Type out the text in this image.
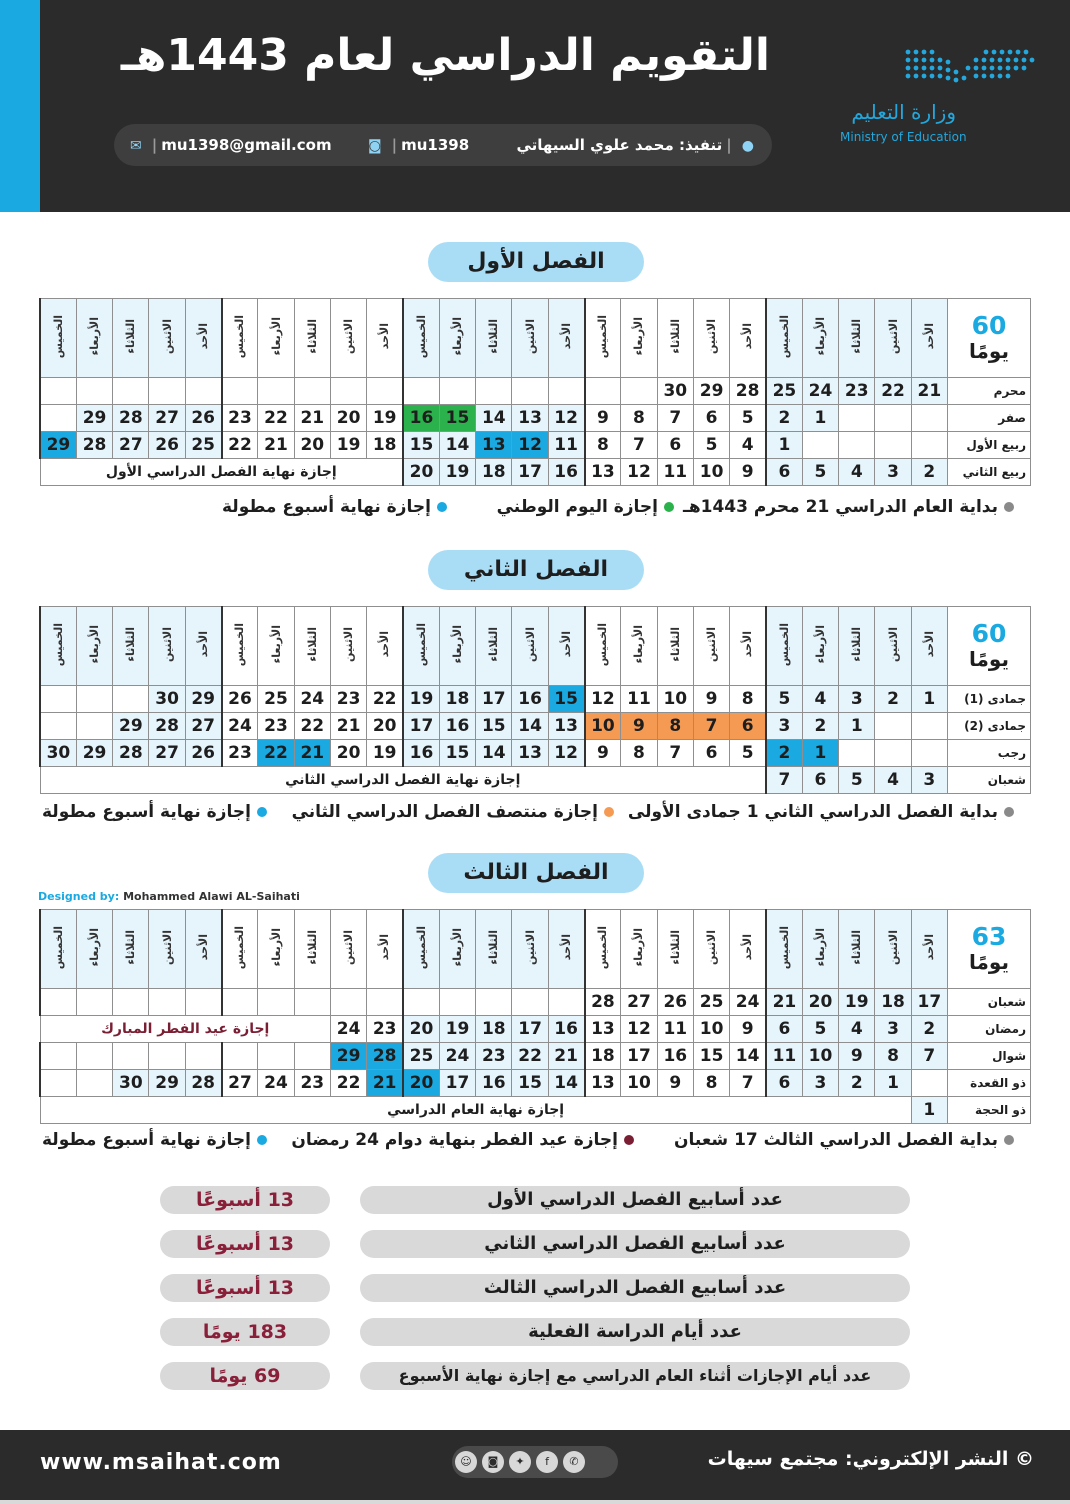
التقويم الدراسي لعام 1443هـ
✉ | mu1398@gmail.com	◙ | mu1398	●|تنفيذ: محمد علوي السيهاتي
وزارة التعليم
Ministry of Education
الفصل الأول
60
يومًا	الأحد	الاثنين	الثلاثاء	الأربعاء	الخميس	الأحد	الاثنين	الثلاثاء	الأربعاء	الخميس	الأحد	الاثنين	الثلاثاء	الأربعاء	الخميس	الأحد	الاثنين	الثلاثاء	الأربعاء	الخميس	الأحد	الاثنين	الثلاثاء	الأربعاء	الخميس
محرم	21	22	23	24	25	28	29	30																	
صفر				1	2	5	6	7	8	9	12	13	14	15	16	19	20	21	22	23	26	27	28	29	
ربيع الأول					1	4	5	6	7	8	11	12	13	14	15	18	19	20	21	22	25	26	27	28	29
ربيع الثاني	2	3	4	5	6	9	10	11	12	13	16	17	18	19	20	إجازة نهاية الفصل الدراسي الأول									
بداية العام الدراسي 21 محرم 1443هـ
إجازة اليوم الوطني
إجازة نهاية أسبوع مطولة
الفصل الثاني
60
يومًا	الأحد	الاثنين	الثلاثاء	الأربعاء	الخميس	الأحد	الاثنين	الثلاثاء	الأربعاء	الخميس	الأحد	الاثنين	الثلاثاء	الأربعاء	الخميس	الأحد	الاثنين	الثلاثاء	الأربعاء	الخميس	الأحد	الاثنين	الثلاثاء	الأربعاء	الخميس
جمادى (1)	1	2	3	4	5	8	9	10	11	12	15	16	17	18	19	22	23	24	25	26	29	30			
جمادى (2)			1	2	3	6	7	8	9	10	13	14	15	16	17	20	21	22	23	24	27	28	29		
رجب				1	2	5	6	7	8	9	12	13	14	15	16	19	20	21	22	23	26	27	28	29	30
شعبان	3	4	5	6	7	إجازة نهاية الفصل الدراسي الثاني																			
بداية الفصل الدراسي الثاني 1 جمادى الأولى
إجازة منتصف الفصل الدراسي الثاني
إجازة نهاية أسبوع مطولة
الفصل الثالث
Designed by: Mohammed Alawi AL-Saihati
63
يومًا	الأحد	الاثنين	الثلاثاء	الأربعاء	الخميس	الأحد	الاثنين	الثلاثاء	الأربعاء	الخميس	الأحد	الاثنين	الثلاثاء	الأربعاء	الخميس	الأحد	الاثنين	الثلاثاء	الأربعاء	الخميس	الأحد	الاثنين	الثلاثاء	الأربعاء	الخميس
شعبان	17	18	19	20	21	24	25	26	27	28															
رمضان	2	3	4	5	6	9	10	11	12	13	16	17	18	19	20	23	24	إجازة عيد الفطر المبارك							
شوال	7	8	9	10	11	14	15	16	17	18	21	22	23	24	25	28	29								
ذو القعدة		1	2	3	6	7	8	9	10	13	14	15	16	17	20	21	22	23	24	27	28	29	30		
ذو الحجة	1	إجازة نهاية العام الدراسي																							
بداية الفصل الدراسي الثالث 17 شعبان
إجازة عيد الفطر بنهاية دوام 24 رمضان
إجازة نهاية أسبوع مطولة
عدد أسابيع الفصل الدراسي الأول
13 أسبوعًا
عدد أسابيع الفصل الدراسي الثاني
13 أسبوعًا
عدد أسابيع الفصل الدراسي الثالث
13 أسبوعًا
عدد أيام الدراسة الفعلية
183 يومًا
عدد أيام الإجازات أثناء العام الدراسي مع إجازة نهاية الأسبوع
69 يومًا
www.msaihat.com	☺ ◙ ✦ f ✆	© النشر الإلكتروني: مجتمع سيهات
